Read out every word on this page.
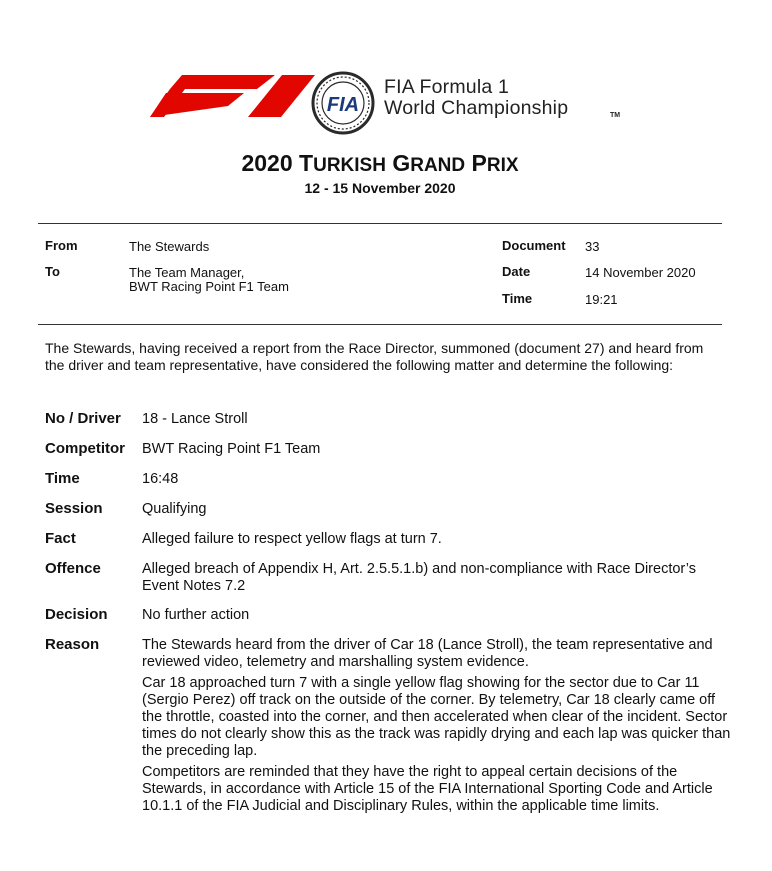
FIA
FIA Formula 1
World Championship	TM
2020 TURKISH GRAND PRIX
12 - 15 November 2020
From	The Stewards
To	The Team Manager,
BWT Racing Point F1 Team
Document 33
Date	14 November 2020
Time	19:21
The Stewards, having received a report from the Race Director, summoned (document 27) and heard from the driver and team representative, have considered the following matter and determine the following:
No / Driver 18 - Lance Stroll
Competitor BWT Racing Point F1 Team
Time	16:48
Session	Qualifying
Fact	Alleged failure to respect yellow flags at turn 7.
Offence	Alleged breach of Appendix H, Art. 2.5.5.1.b) and non-compliance with Race Director’s Event Notes 7.2
Decision No further action
Reason	The Stewards heard from the driver of Car 18 (Lance Stroll), the team representative and reviewed video, telemetry and marshalling system evidence.

Car 18 approached turn 7 with a single yellow flag showing for the sector due to Car 11 (Sergio Perez) off track on the outside of the corner. By telemetry, Car 18 clearly came off the throttle, coasted into the corner, and then accelerated when clear of the incident. Sector times do not clearly show this as the track was rapidly drying and each lap was quicker than the preceding lap.

Competitors are reminded that they have the right to appeal certain decisions of the Stewards, in accordance with Article 15 of the FIA International Sporting Code and Article 10.1.1 of the FIA Judicial and Disciplinary Rules, within the applicable time limits.
